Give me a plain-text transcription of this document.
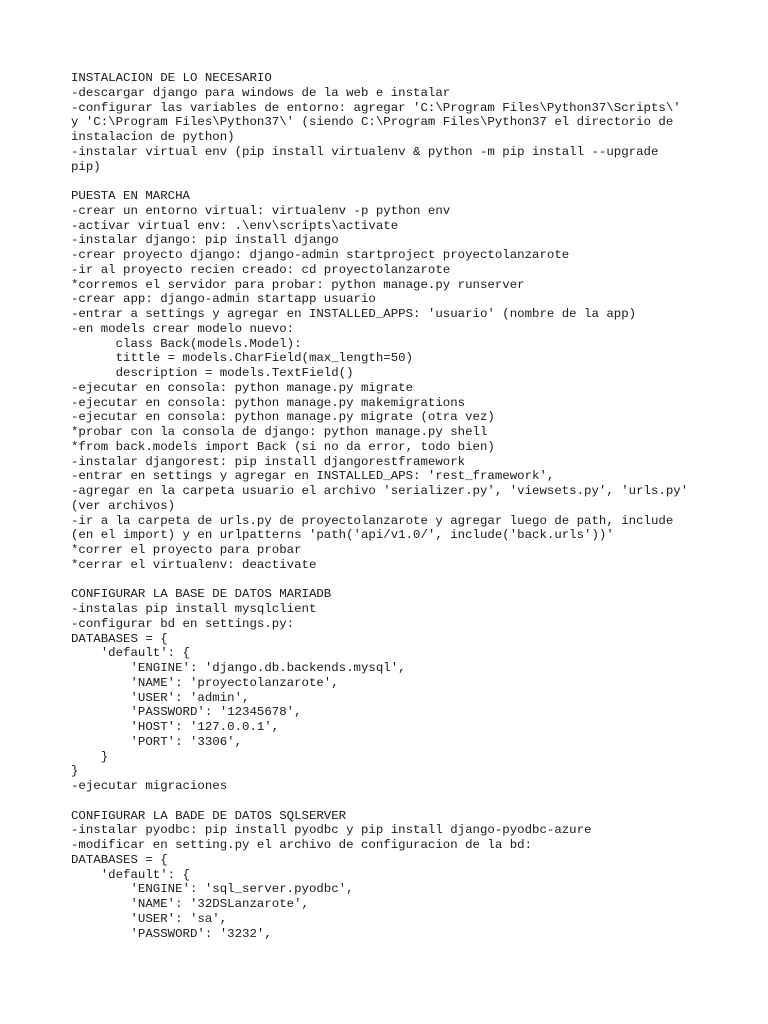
INSTALACION DE LO NECESARIO
-descargar django para windows de la web e instalar
-configurar las variables de entorno: agregar 'C:\Program Files\Python37\Scripts\'
y 'C:\Program Files\Python37\' (siendo C:\Program Files\Python37 el directorio de
instalacion de python)
-instalar virtual env (pip install virtualenv & python -m pip install --upgrade
pip)
PUESTA EN MARCHA
-crear un entorno virtual: virtualenv -p python env
-activar virtual env: .\env\scripts\activate
-instalar django: pip install django
-crear proyecto django: django-admin startproject proyectolanzarote
-ir al proyecto recien creado: cd proyectolanzarote
*corremos el servidor para probar: python manage.py runserver
-crear app: django-admin startapp usuario
-entrar a settings y agregar en INSTALLED_APPS: 'usuario' (nombre de la app)
-en models crear modelo nuevo:
class Back(models.Model):
tittle = models.CharField(max_length=50)
description = models.TextField()
-ejecutar en consola: python manage.py migrate
-ejecutar en consola: python manage.py makemigrations
-ejecutar en consola: python manage.py migrate (otra vez)
*probar con la consola de django: python manage.py shell
*from back.models import Back (si no da error, todo bien)
-instalar djangorest: pip install djangorestframework
-entrar en settings y agregar en INSTALLED_APS: 'rest_framework',
-agregar en la carpeta usuario el archivo 'serializer.py', 'viewsets.py', 'urls.py'
(ver archivos)
-ir a la carpeta de urls.py de proyectolanzarote y agregar luego de path, include
(en el import) y en urlpatterns 'path('api/v1.0/', include('back.urls'))'
*correr el proyecto para probar
*cerrar el virtualenv: deactivate
CONFIGURAR LA BASE DE DATOS MARIADB
-instalas pip install mysqlclient
-configurar bd en settings.py:
DATABASES = {
'default': {
'ENGINE': 'django.db.backends.mysql',
'NAME': 'proyectolanzarote',
'USER': 'admin',
'PASSWORD': '12345678',
'HOST': '127.0.0.1',
'PORT': '3306',
}
}
-ejecutar migraciones
CONFIGURAR LA BADE DE DATOS SQLSERVER
-instalar pyodbc: pip install pyodbc y pip install django-pyodbc-azure
-modificar en setting.py el archivo de configuracion de la bd:
DATABASES = {
'default': {
'ENGINE': 'sql_server.pyodbc',
'NAME': '32DSLanzarote',
'USER': 'sa',
'PASSWORD': '3232',
